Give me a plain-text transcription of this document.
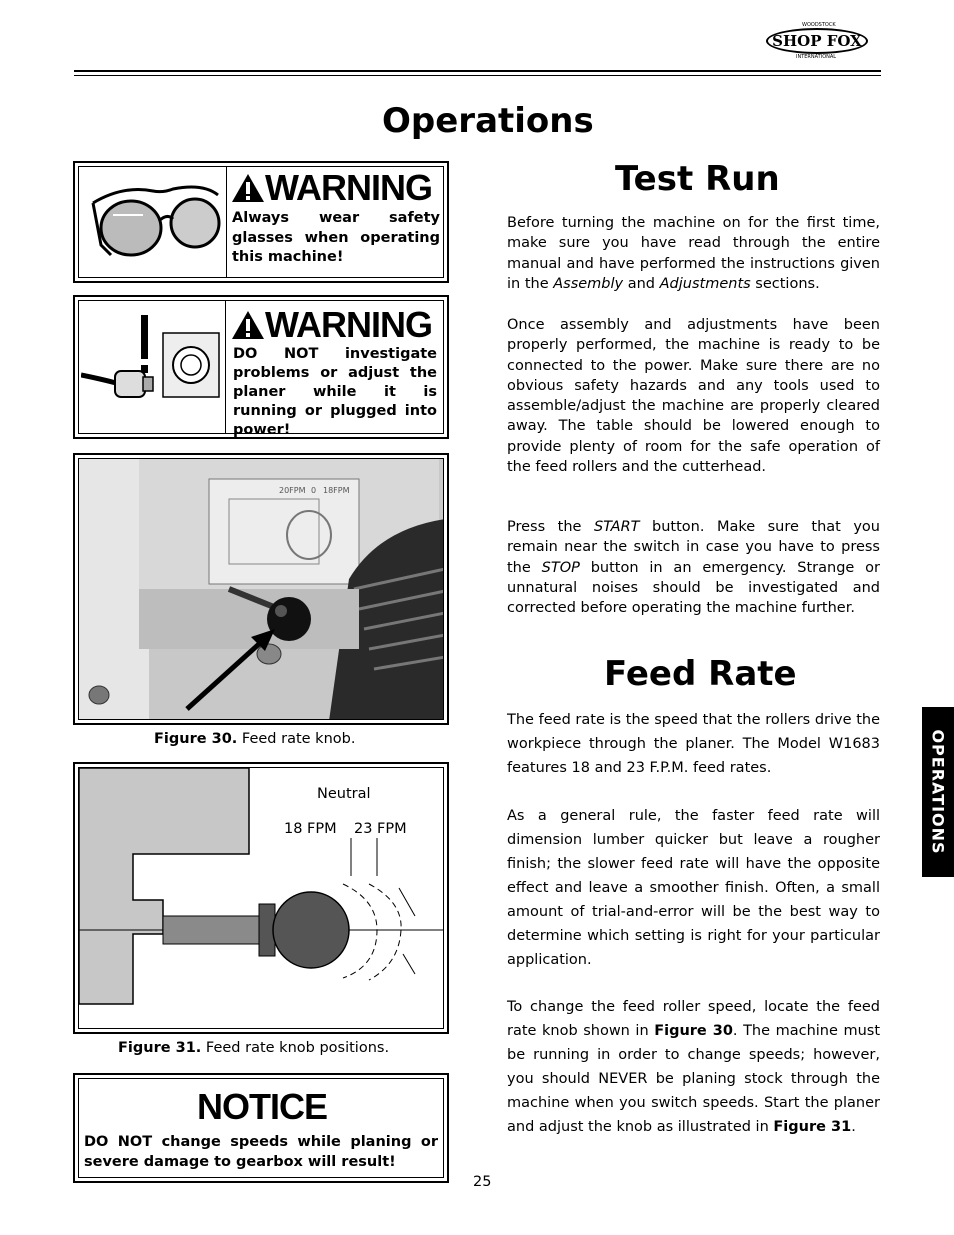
WOODSTOCK
SHOP FOX
INTERNATIONAL
Operations
WARNING
Always wear safety glasses when operating this machine!
WARNING
DO NOT investigate problems or adjust the planer while it is running or plugged into power!
20FPM 0 18FPM
Figure 30. Feed rate knob.
Neutral
18 FPM 23 FPM
Figure 31. Feed rate knob positions.
NOTICE
DO NOT change speeds while planing or severe damage to gearbox will result!
Test Run
Before turning the machine on for the first time, make sure you have read through the entire manual and have performed the instructions given in the Assembly and Adjustments sections.
Once assembly and adjustments have been properly performed, the machine is ready to be connected to the power. Make sure there are no obvious safety hazards and any tools used to assemble/adjust the machine are properly cleared away. The table should be lowered enough to provide plenty of room for the safe operation of the feed rollers and the cutterhead.
Press the START button. Make sure that you remain near the switch in case you have to press the STOP button in an emergency. Strange or unnatural noises should be investigated and corrected before operating the machine further.
Feed Rate
The feed rate is the speed that the rollers drive the workpiece through the planer. The Model W1683 features 18 and 23 F.P.M. feed rates.
As a general rule, the faster feed rate will dimension lumber quicker but leave a rougher finish; the slower feed rate will have the opposite effect and leave a smoother finish. Often, a small amount of trial-and-error will be the best way to determine which setting is right for your particular application.
To change the feed roller speed, locate the feed rate knob shown in Figure 30. The machine must be running in order to change speeds; however, you should NEVER be planing stock through the machine when you switch speeds. Start the planer and adjust the knob as illustrated in Figure 31.
OPERATIONS
25
